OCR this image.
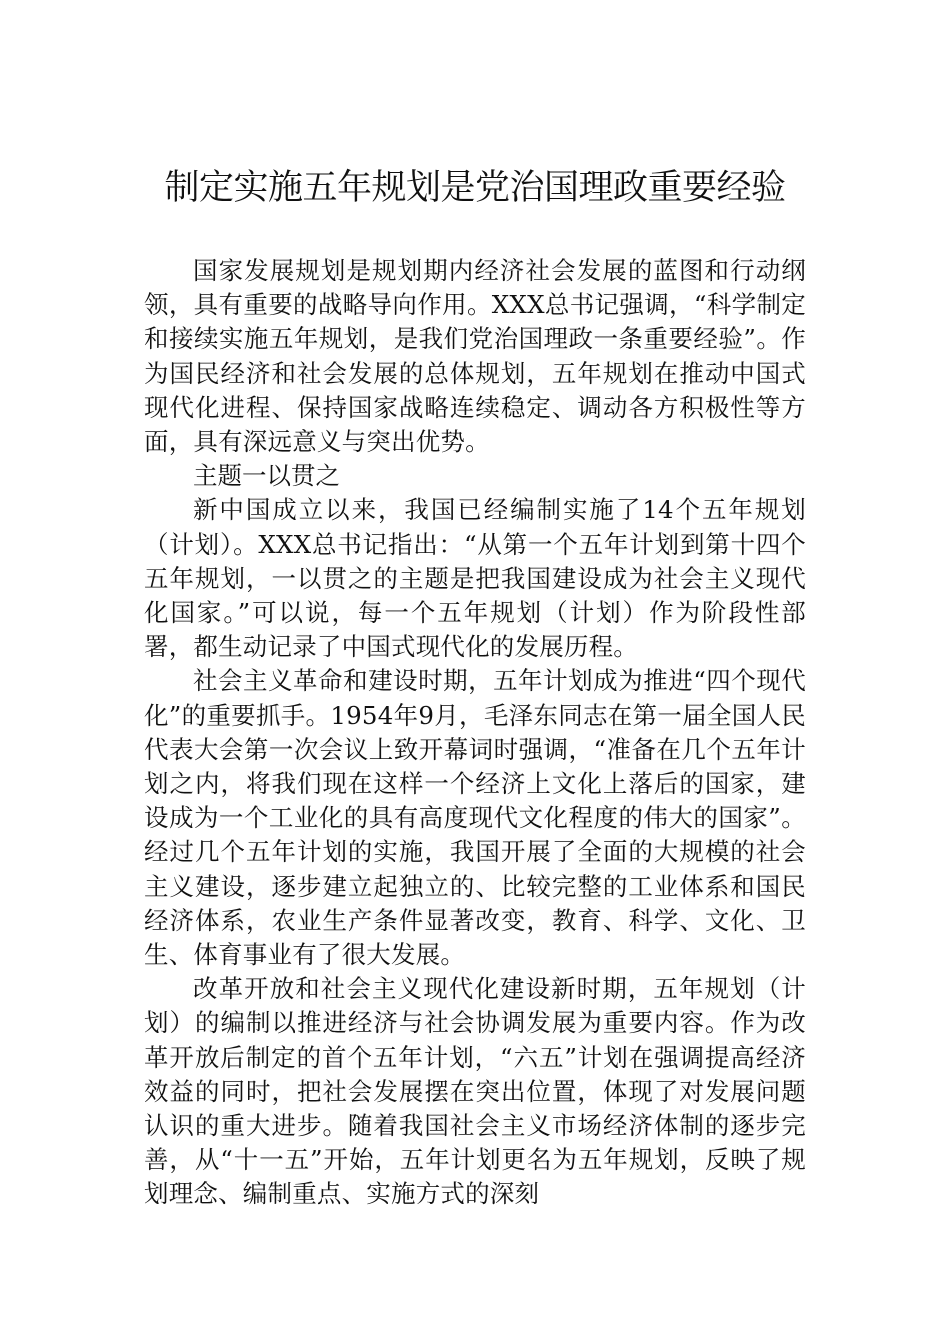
制定实施五年规划是党治国理政重要经验

国家发展规划是规划期内经济社会发展的蓝图和行动纲领，具有重要的战略导向作用。XXX总书记强调，“科学制定和接续实施五年规划，是我们党治国理政一条重要经验”。作为国民经济和社会发展的总体规划，五年规划在推动中国式现代化进程、保持国家战略连续稳定、调动各方积极性等方面，具有深远意义与突出优势。

主题一以贯之

新中国成立以来，我国已经编制实施了14个五年规划（计划）。XXX总书记指出：“从第一个五年计划到第十四个五年规划，一以贯之的主题是把我国建设成为社会主义现代化国家。”可以说，每一个五年规划（计划）作为阶段性部署，都生动记录了中国式现代化的发展历程。

社会主义革命和建设时期，五年计划成为推进“四个现代化”的重要抓手。1954年9月，毛泽东同志在第一届全国人民代表大会第一次会议上致开幕词时强调，“准备在几个五年计划之内，将我们现在这样一个经济上文化上落后的国家，建设成为一个工业化的具有高度现代文化程度的伟大的国家”。经过几个五年计划的实施，我国开展了全面的大规模的社会主义建设，逐步建立起独立的、比较完整的工业体系和国民经济体系，农业生产条件显著改变，教育、科学、文化、卫生、体育事业有了很大发展。

改革开放和社会主义现代化建设新时期，五年规划（计划）的编制以推进经济与社会协调发展为重要内容。作为改革开放后制定的首个五年计划，“六五”计划在强调提高经济效益的同时，把社会发展摆在突出位置，体现了对发展问题认识的重大进步。随着我国社会主义市场经济体制的逐步完善，从“十一五”开始，五年计划更名为五年规划，反映了规划理念、编制重点、实施方式的深刻
